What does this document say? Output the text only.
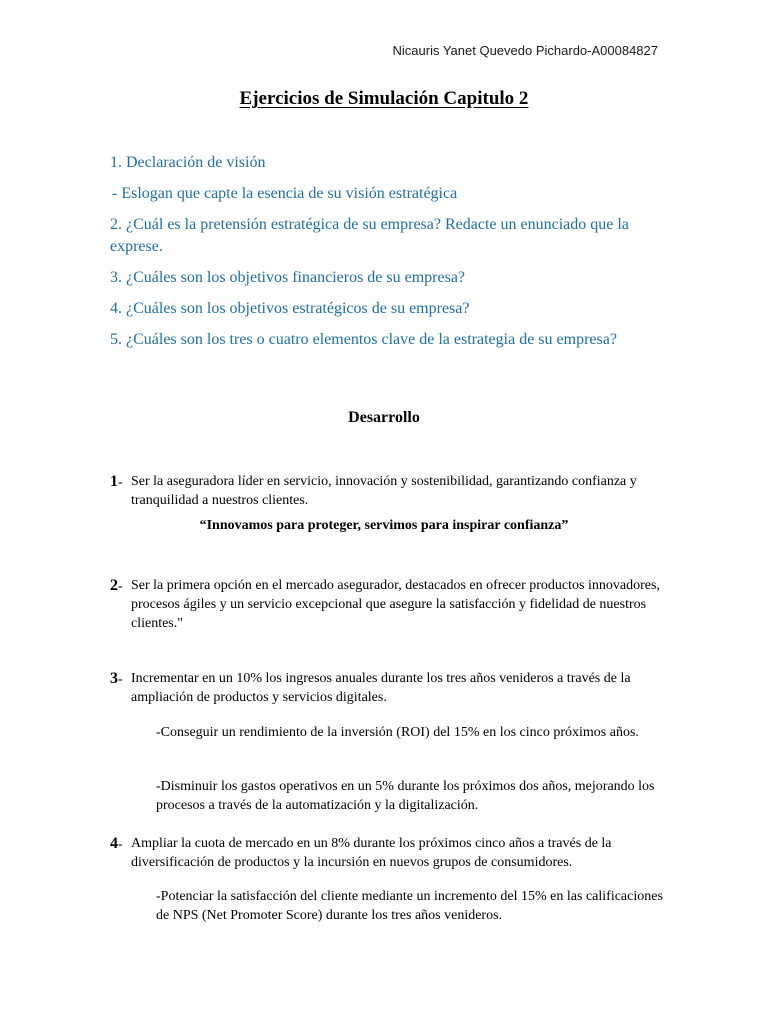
Nicauris Yanet Quevedo Pichardo-A00084827
Ejercicios de Simulación Capitulo 2
1. Declaración de visión
- Eslogan que capte la esencia de su visión estratégica
2. ¿Cuál es la pretensión estratégica de su empresa? Redacte un enunciado que la exprese.
3. ¿Cuáles son los objetivos financieros de su empresa?
4. ¿Cuáles son los objetivos estratégicos de su empresa?
5. ¿Cuáles son los tres o cuatro elementos clave de la estrategia de su empresa?
Desarrollo
1- Ser la aseguradora líder en servicio, innovación y sostenibilidad, garantizando confianza y tranquilidad a nuestros clientes.
“Innovamos para proteger, servimos para inspirar confianza”
2- Ser la primera opción en el mercado asegurador, destacados en ofrecer productos innovadores, procesos ágiles y un servicio excepcional que asegure la satisfacción y fidelidad de nuestros clientes."
3- Incrementar en un 10% los ingresos anuales durante los tres años venideros a través de la ampliación de productos y servicios digitales.
-Conseguir un rendimiento de la inversión (ROI) del 15% en los cinco próximos años.
-Disminuir los gastos operativos en un 5% durante los próximos dos años, mejorando los procesos a través de la automatización y la digitalización.
4- Ampliar la cuota de mercado en un 8% durante los próximos cinco años a través de la diversificación de productos y la incursión en nuevos grupos de consumidores.
-Potenciar la satisfacción del cliente mediante un incremento del 15% en las calificaciones de NPS (Net Promoter Score) durante los tres años venideros.
